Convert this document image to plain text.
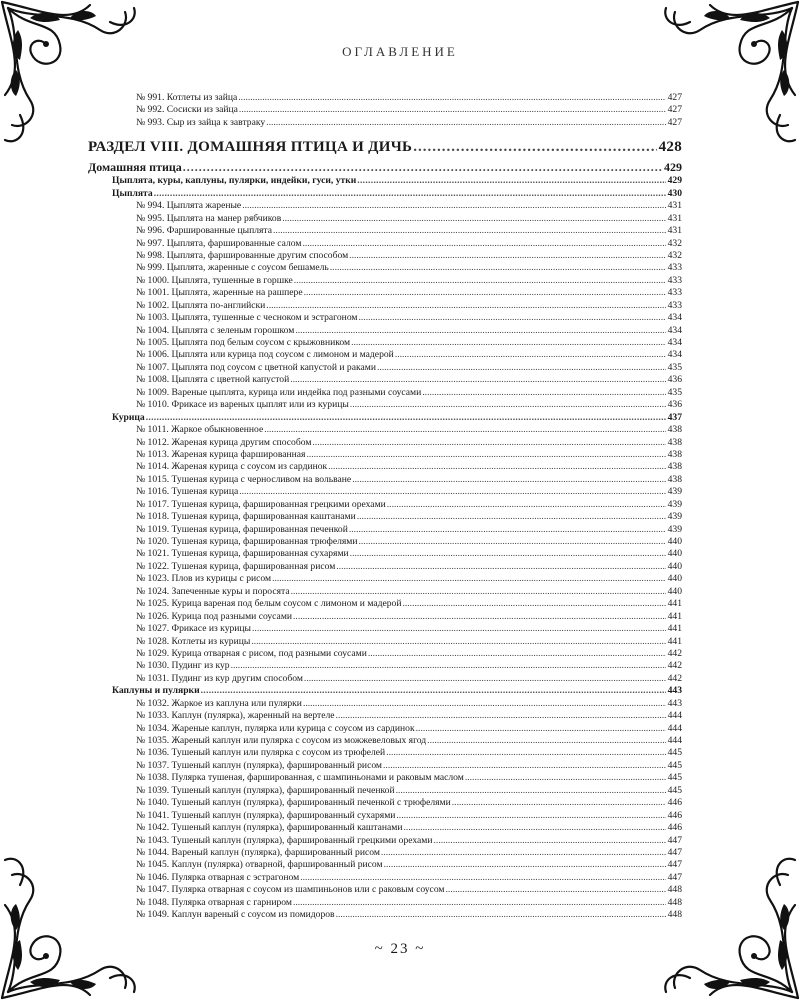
ОГЛАВЛЕНИЕ
№ 991. Котлеты из зайца .....	427
№ 992. Сосиски из зайца .....	427
№ 993. Сыр из зайца к завтраку .....	427
РАЗДЕЛ VIII. ДОМАШНЯЯ ПТИЦА И ДИЧЬ .....	428
Домашняя птица .....	429
Цыплята, куры, каплуны, пулярки, индейки, гуси, утки .....	429
Цыплята .....	430
№ 994. Цыплята жареные .....	431
№ 995. Цыплята на манер рябчиков .....	431
№ 996. Фаршированные цыплята .....	431
№ 997. Цыплята, фаршированные салом .....	432
№ 998. Цыплята, фаршированные другим способом .....	432
№ 999. Цыплята, жаренные с соусом бешамель .....	433
№ 1000. Цыплята, тушенные в горшке .....	433
№ 1001. Цыплята, жаренные на рашпере .....	433
№ 1002. Цыплята по-английски .....	433
№ 1003. Цыплята, тушенные с чесноком и эстрагоном .....	434
№ 1004. Цыплята с зеленым горошком .....	434
№ 1005. Цыплята под белым соусом с крыжовником .....	434
№ 1006. Цыплята или курица под соусом с лимоном и мадерой .....	434
№ 1007. Цыплята под соусом с цветной капустой и раками .....	435
№ 1008. Цыплята с цветной капустой .....	436
№ 1009. Вареные цыплята, курица или индейка под разными соусами .....	435
№ 1010. Фрикасе из вареных цыплят или из курицы .....	436
Курица .....	437
№ 1011. Жаркое обыкновенное .....	438
№ 1012. Жареная курица другим способом .....	438
№ 1013. Жареная курица фаршированная .....	438
№ 1014. Жареная курица с соусом из сардинок .....	438
№ 1015. Тушеная курица с черносливом на вольване .....	438
№ 1016. Тушеная курица .....	439
№ 1017. Тушеная курица, фаршированная грецкими орехами .....	439
№ 1018. Тушеная курица, фаршированная каштанами .....	439
№ 1019. Тушеная курица, фаршированная печенкой .....	439
№ 1020. Тушеная курица, фаршированная трюфелями .....	440
№ 1021. Тушеная курица, фаршированная сухарями .....	440
№ 1022. Тушеная курица, фаршированная рисом .....	440
№ 1023. Плов из курицы с рисом .....	440
№ 1024. Запеченные куры и поросята .....	440
№ 1025. Курица вареная под белым соусом с лимоном и мадерой .....	441
№ 1026. Курица под разными соусами .....	441
№ 1027. Фрикасе из курицы .....	441
№ 1028. Котлеты из курицы .....	441
№ 1029. Курица отварная с рисом, под разными соусами .....	442
№ 1030. Пудинг из кур .....	442
№ 1031. Пудинг из кур другим способом .....	442
Каплуны и пулярки .....	443
№ 1032. Жаркое из каплуна или пулярки .....	443
№ 1033. Каплун (пулярка), жаренный на вертеле .....	444
№ 1034. Жареные каплун, пулярка или курица с соусом из сардинок .....	444
№ 1035. Жареный каплун или пулярка с соусом из можжевеловых ягод .....	444
№ 1036. Тушеный каплун или пулярка с соусом из трюфелей .....	445
№ 1037. Тушеный каплун (пулярка), фаршированный рисом .....	445
№ 1038. Пулярка тушеная, фаршированная, с шампиньонами и раковым маслом .....	445
№ 1039. Тушеный каплун (пулярка), фаршированный печенкой .....	445
№ 1040. Тушеный каплун (пулярка), фаршированный печенкой с трюфелями .....	446
№ 1041. Тушеный каплун (пулярка), фаршированный сухарями .....	446
№ 1042. Тушеный каплун (пулярка), фаршированный каштанами .....	446
№ 1043. Тушеный каплун (пулярка), фаршированный грецкими орехами .....	447
№ 1044. Вареный каплун (пулярка), фаршированный рисом .....	447
№ 1045. Каплун (пулярка) отварной, фаршированный рисом .....	447
№ 1046. Пулярка отварная с эстрагоном .....	447
№ 1047. Пулярка отварная с соусом из шампиньонов или с раковым соусом .....	448
№ 1048. Пулярка отварная с гарниром .....	448
№ 1049. Каплун вареный с соусом из помидоров .....	448
~ 23 ~
